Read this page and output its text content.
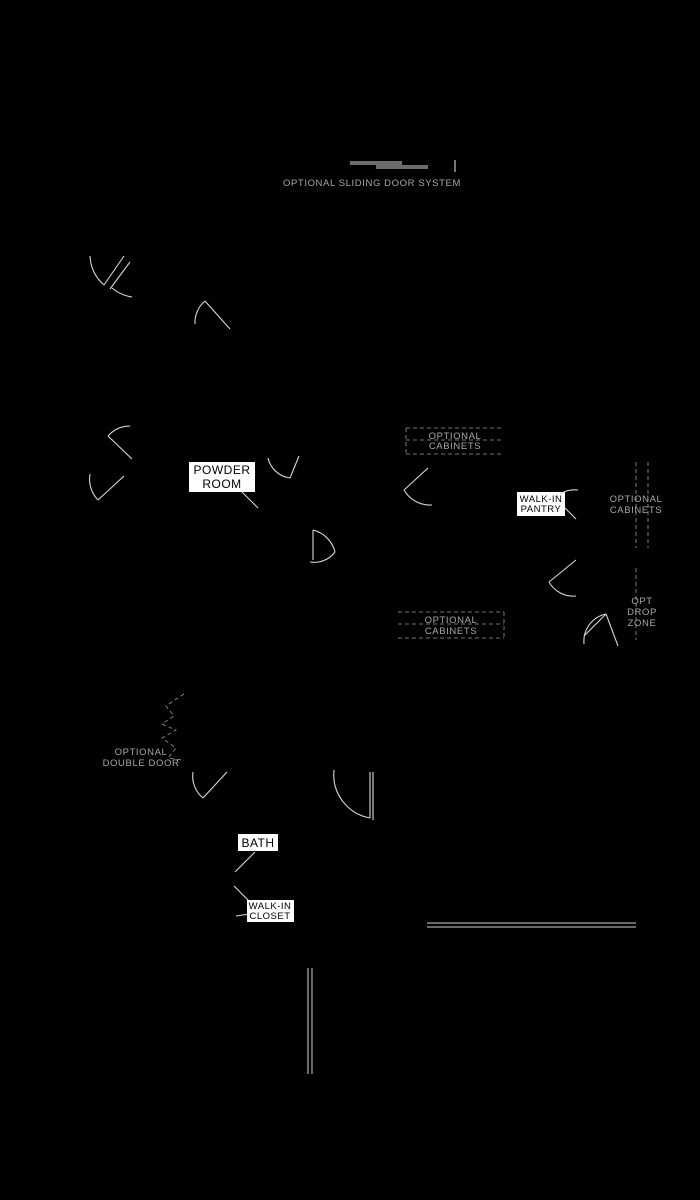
OPTIONAL SLIDING DOOR SYSTEM
POWDER
ROOM
OPTIONAL
CABINETS
WALK-IN
PANTRY
OPTIONAL
CABINETS
OPTIONAL
CABINETS
OPT
DROP
ZONE
OPTIONAL
DOUBLE DOOR
BATH
WALK-IN
CLOSET
